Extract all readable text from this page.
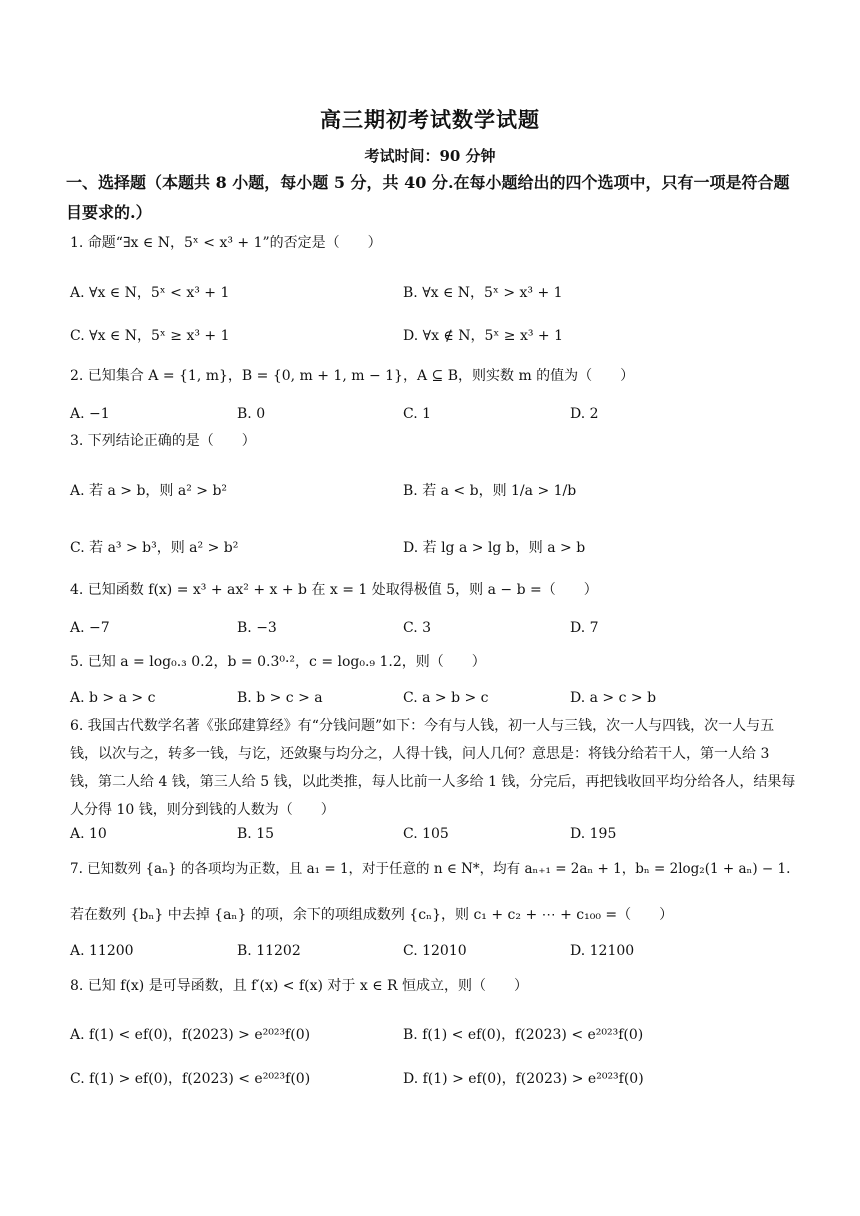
高三期初考试数学试题
考试时间：90 分钟
一、选择题（本题共 8 小题，每小题 5 分，共 40 分.在每小题给出的四个选项中，只有一项是符合题目要求的.）
1. 命题“∃x ∈ N，5ˣ < x³ + 1”的否定是（　　）
A. ∀x ∈ N，5ˣ < x³ + 1	B. ∀x ∈ N，5ˣ > x³ + 1
C. ∀x ∈ N，5ˣ ≥ x³ + 1	D. ∀x ∉ N，5ˣ ≥ x³ + 1
2. 已知集合 A = {1, m}，B = {0, m + 1, m − 1}，A ⊆ B，则实数 m 的值为（　　）
A. −1	B. 0	C. 1	D. 2
3. 下列结论正确的是（　　）
A. 若 a > b，则 a² > b²	B. 若 a < b，则 1/a > 1/b
C. 若 a³ > b³，则 a² > b²	D. 若 lg a > lg b，则 a > b
4. 已知函数 f(x) = x³ + ax² + x + b 在 x = 1 处取得极值 5，则 a − b =（　　）
A. −7	B. −3	C. 3	D. 7
5. 已知 a = log₀.₃ 0.2，b = 0.3⁰·²，c = log₀.₉ 1.2，则（　　）
A. b > a > c	B. b > c > a	C. a > b > c	D. a > c > b
6. 我国古代数学名著《张邱建算经》有“分钱问题”如下：今有与人钱，初一人与三钱，次一人与四钱，次一人与五钱，以次与之，转多一钱，与讫，还敛聚与均分之，人得十钱，问人几何？意思是：将钱分给若干人，第一人给 3 钱，第二人给 4 钱，第三人给 5 钱，以此类推，每人比前一人多给 1 钱，分完后，再把钱收回平均分给各人，结果每人分得 10 钱，则分到钱的人数为（　　）
A. 10	B. 15	C. 105	D. 195
7. 已知数列 {aₙ} 的各项均为正数，且 a₁ = 1，对于任意的 n ∈ N*，均有 aₙ₊₁ = 2aₙ + 1，bₙ = 2log₂(1 + aₙ) − 1.
若在数列 {bₙ} 中去掉 {aₙ} 的项，余下的项组成数列 {cₙ}，则 c₁ + c₂ + ⋯ + c₁₀₀ =（　　）
A. 11200	B. 11202	C. 12010	D. 12100
8. 已知 f(x) 是可导函数，且 f′(x) < f(x) 对于 x ∈ R 恒成立，则（　　）
A. f(1) < ef(0)，f(2023) > e²⁰²³f(0)	B. f(1) < ef(0)，f(2023) < e²⁰²³f(0)
C. f(1) > ef(0)，f(2023) < e²⁰²³f(0)	D. f(1) > ef(0)，f(2023) > e²⁰²³f(0)
